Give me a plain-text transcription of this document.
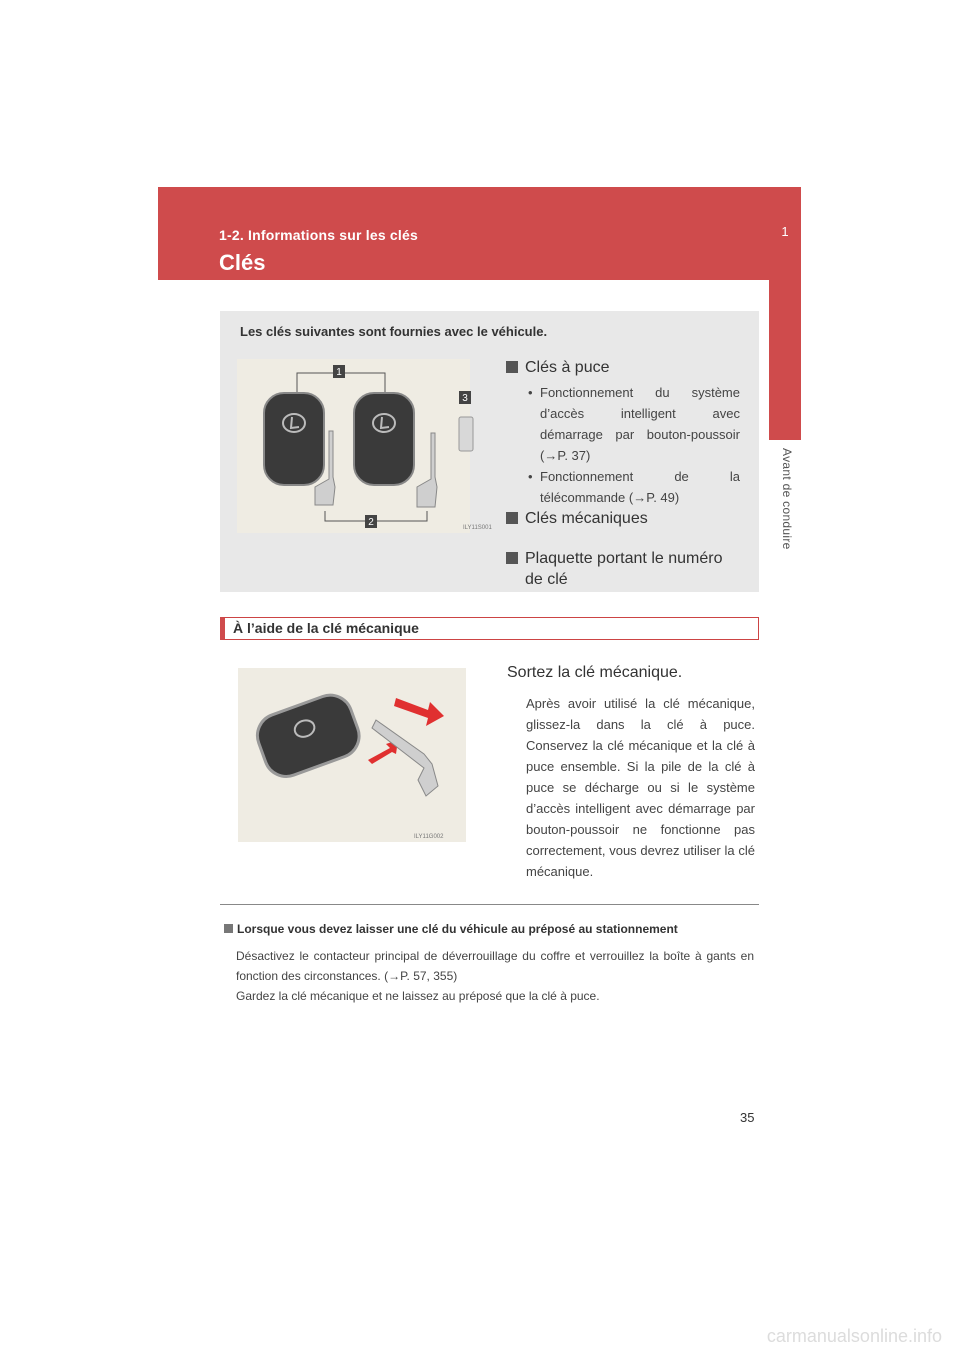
1-2. Informations sur les clés
Clés
1
Avant de conduire
Les clés suivantes sont fournies avec le véhicule.
1
2
3
ILY11S001
Clés à puce
• Fonctionnement du système d’accès intelligent avec démarrage par bouton-poussoir (→P. 37)
• Fonctionnement de la télécommande (→P. 49)
Clés mécaniques
Plaquette portant le numéro de clé
À l’aide de la clé mécanique
ILY11G002
Sortez la clé mécanique.
Après avoir utilisé la clé mécanique, glissez-la dans la clé à puce. Conservez la clé mécanique et la clé à puce ensemble. Si la pile de la clé à puce se décharge ou si le système d’accès intelligent avec démarrage par bouton-poussoir ne fonctionne pas correctement, vous devrez utiliser la clé mécanique.
Lorsque vous devez laisser une clé du véhicule au préposé au stationnement
Désactivez le contacteur principal de déverrouillage du coffre et verrouillez la boîte à gants en fonction des circonstances. (→P. 57, 355)
Gardez la clé mécanique et ne laissez au préposé que la clé à puce.
35
carmanualsonline.info
